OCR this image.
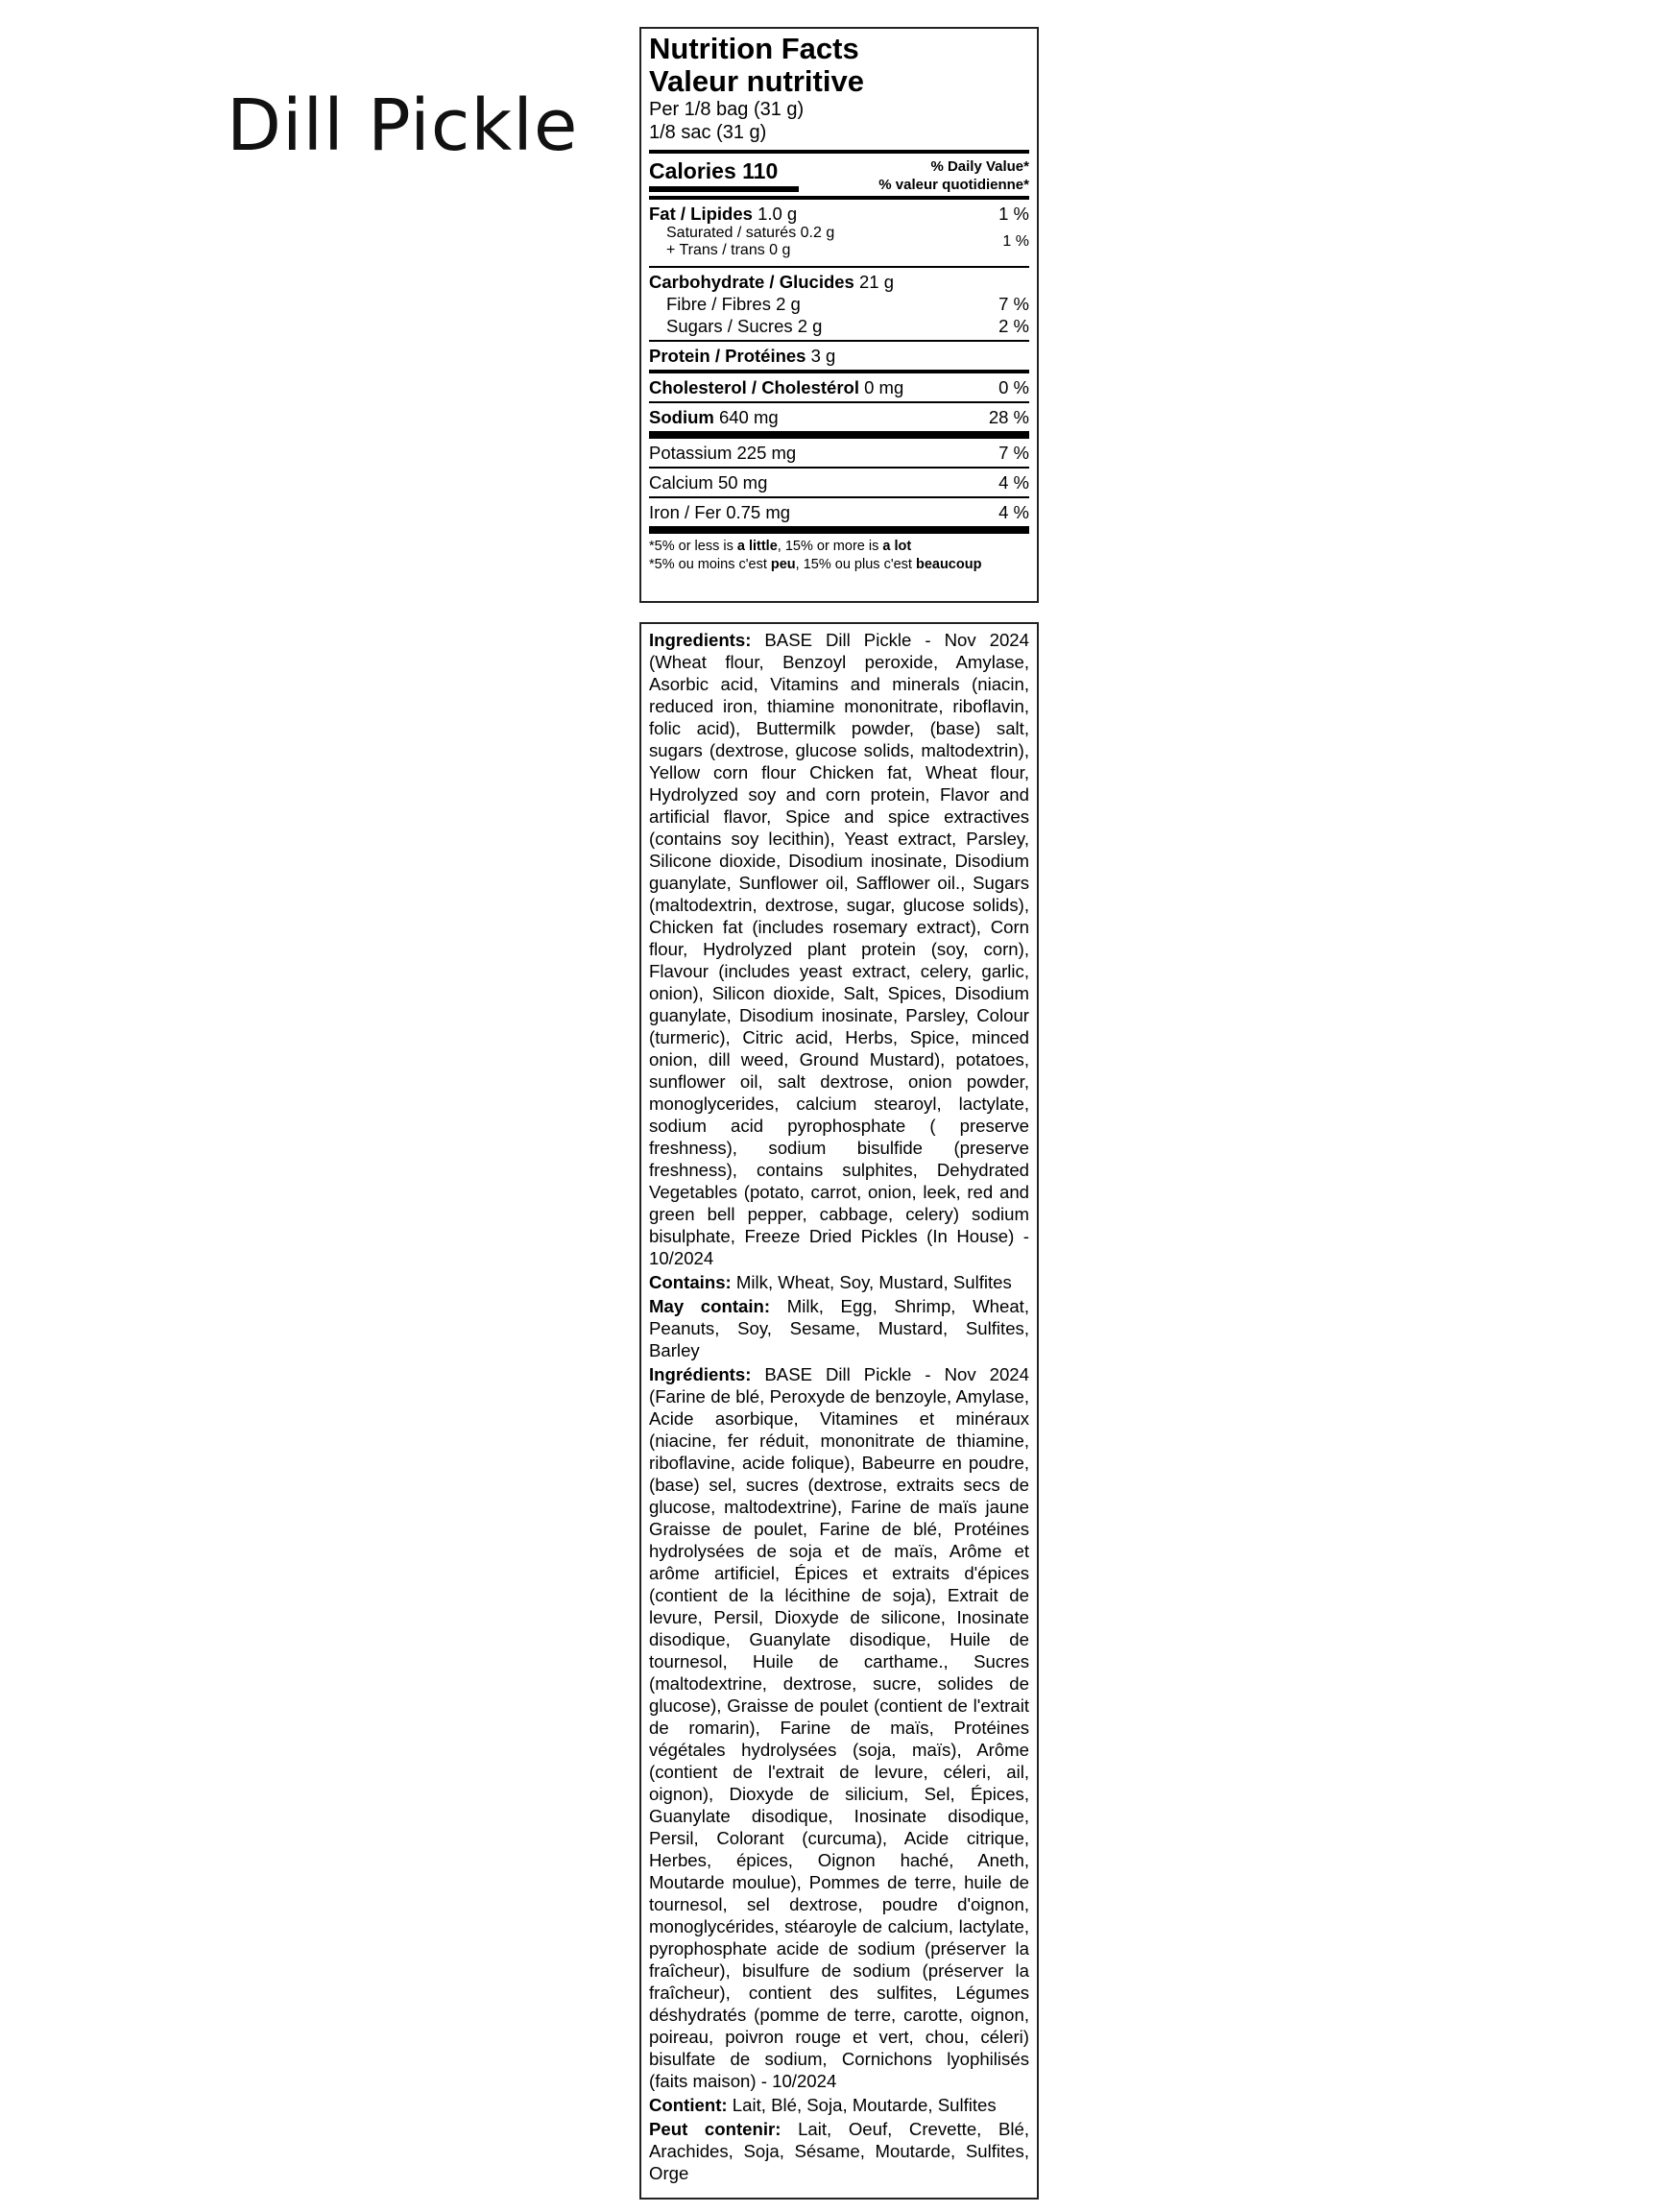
Dill Pickle
Nutrition Facts
Valeur nutritive
Per 1/8 bag (31 g)
1/8 sac (31 g)
Calories 110	% Daily Value*
% valeur quotidienne*
Fat / Lipides 1.0 g	1 %
Saturated / saturés 0.2 g
+ Trans / trans 0 g
1 %
Carbohydrate / Glucides 21 g
Fibre / Fibres 2 g	7 %
Sugars / Sucres 2 g	2 %
Protein / Protéines 3 g
Cholesterol / Cholestérol 0 mg	0 %
Sodium 640 mg	28 %
Potassium 225 mg	7 %
Calcium 50 mg	4 %
Iron / Fer 0.75 mg	4 %
*5% or less is a little, 15% or more is a lot
*5% ou moins c'est peu, 15% ou plus c'est beaucoup

Ingredients: BASE Dill Pickle - Nov 2024 (Wheat flour, Benzoyl peroxide, Amylase, Asorbic acid, Vitamins and minerals (niacin, reduced iron, thiamine mononitrate, riboflavin, folic acid), Buttermilk powder, (base) salt, sugars (dextrose, glucose solids, maltodextrin), Yellow corn flour Chicken fat, Wheat flour, Hydrolyzed soy and corn protein, Flavor and artificial flavor, Spice and spice extractives (contains soy lecithin), Yeast extract, Parsley, Silicone dioxide, Disodium inosinate, Disodium guanylate, Sunflower oil, Safflower oil., Sugars (maltodextrin, dextrose, sugar, glucose solids), Chicken fat (includes rosemary extract), Corn flour, Hydrolyzed plant protein (soy, corn), Flavour (includes yeast extract, celery, garlic, onion), Silicon dioxide, Salt, Spices, Disodium guanylate, Disodium inosinate, Parsley, Colour (turmeric), Citric acid, Herbs, Spice, minced onion, dill weed, Ground Mustard), potatoes, sunflower oil, salt dextrose, onion powder, monoglycerides, calcium stearoyl, lactylate, sodium acid pyrophosphate ( preserve freshness), sodium bisulfide (preserve freshness), contains sulphites, Dehydrated Vegetables (potato, carrot, onion, leek, red and green bell pepper, cabbage, celery) sodium bisulphate, Freeze Dried Pickles (In House) - 10/2024

Contains: Milk, Wheat, Soy, Mustard, Sulfites

May contain: Milk, Egg, Shrimp, Wheat, Peanuts, Soy, Sesame, Mustard, Sulfites, Barley

Ingrédients: BASE Dill Pickle - Nov 2024 (Farine de blé, Peroxyde de benzoyle, Amylase, Acide asorbique, Vitamines et minéraux (niacine, fer réduit, mononitrate de thiamine, riboflavine, acide folique), Babeurre en poudre, (base) sel, sucres (dextrose, extraits secs de glucose, maltodextrine), Farine de maïs jaune Graisse de poulet, Farine de blé, Protéines hydrolysées de soja et de maïs, Arôme et arôme artificiel, Épices et extraits d'épices (contient de la lécithine de soja), Extrait de levure, Persil, Dioxyde de silicone, Inosinate disodique, Guanylate disodique, Huile de tournesol, Huile de carthame., Sucres (maltodextrine, dextrose, sucre, solides de glucose), Graisse de poulet (contient de l'extrait de romarin), Farine de maïs, Protéines végétales hydrolysées (soja, maïs), Arôme (contient de l'extrait de levure, céleri, ail, oignon), Dioxyde de silicium, Sel, Épices, Guanylate disodique, Inosinate disodique, Persil, Colorant (curcuma), Acide citrique, Herbes, épices, Oignon haché, Aneth, Moutarde moulue), Pommes de terre, huile de tournesol, sel dextrose, poudre d'oignon, monoglycérides, stéaroyle de calcium, lactylate, pyrophosphate acide de sodium (préserver la fraîcheur), bisulfure de sodium (préserver la fraîcheur), contient des sulfites, Légumes déshydratés (pomme de terre, carotte, oignon, poireau, poivron rouge et vert, chou, céleri) bisulfate de sodium, Cornichons lyophilisés (faits maison) - 10/2024

Contient: Lait, Blé, Soja, Moutarde, Sulfites

Peut contenir: Lait, Oeuf, Crevette, Blé, Arachides, Soja, Sésame, Moutarde, Sulfites, Orge
